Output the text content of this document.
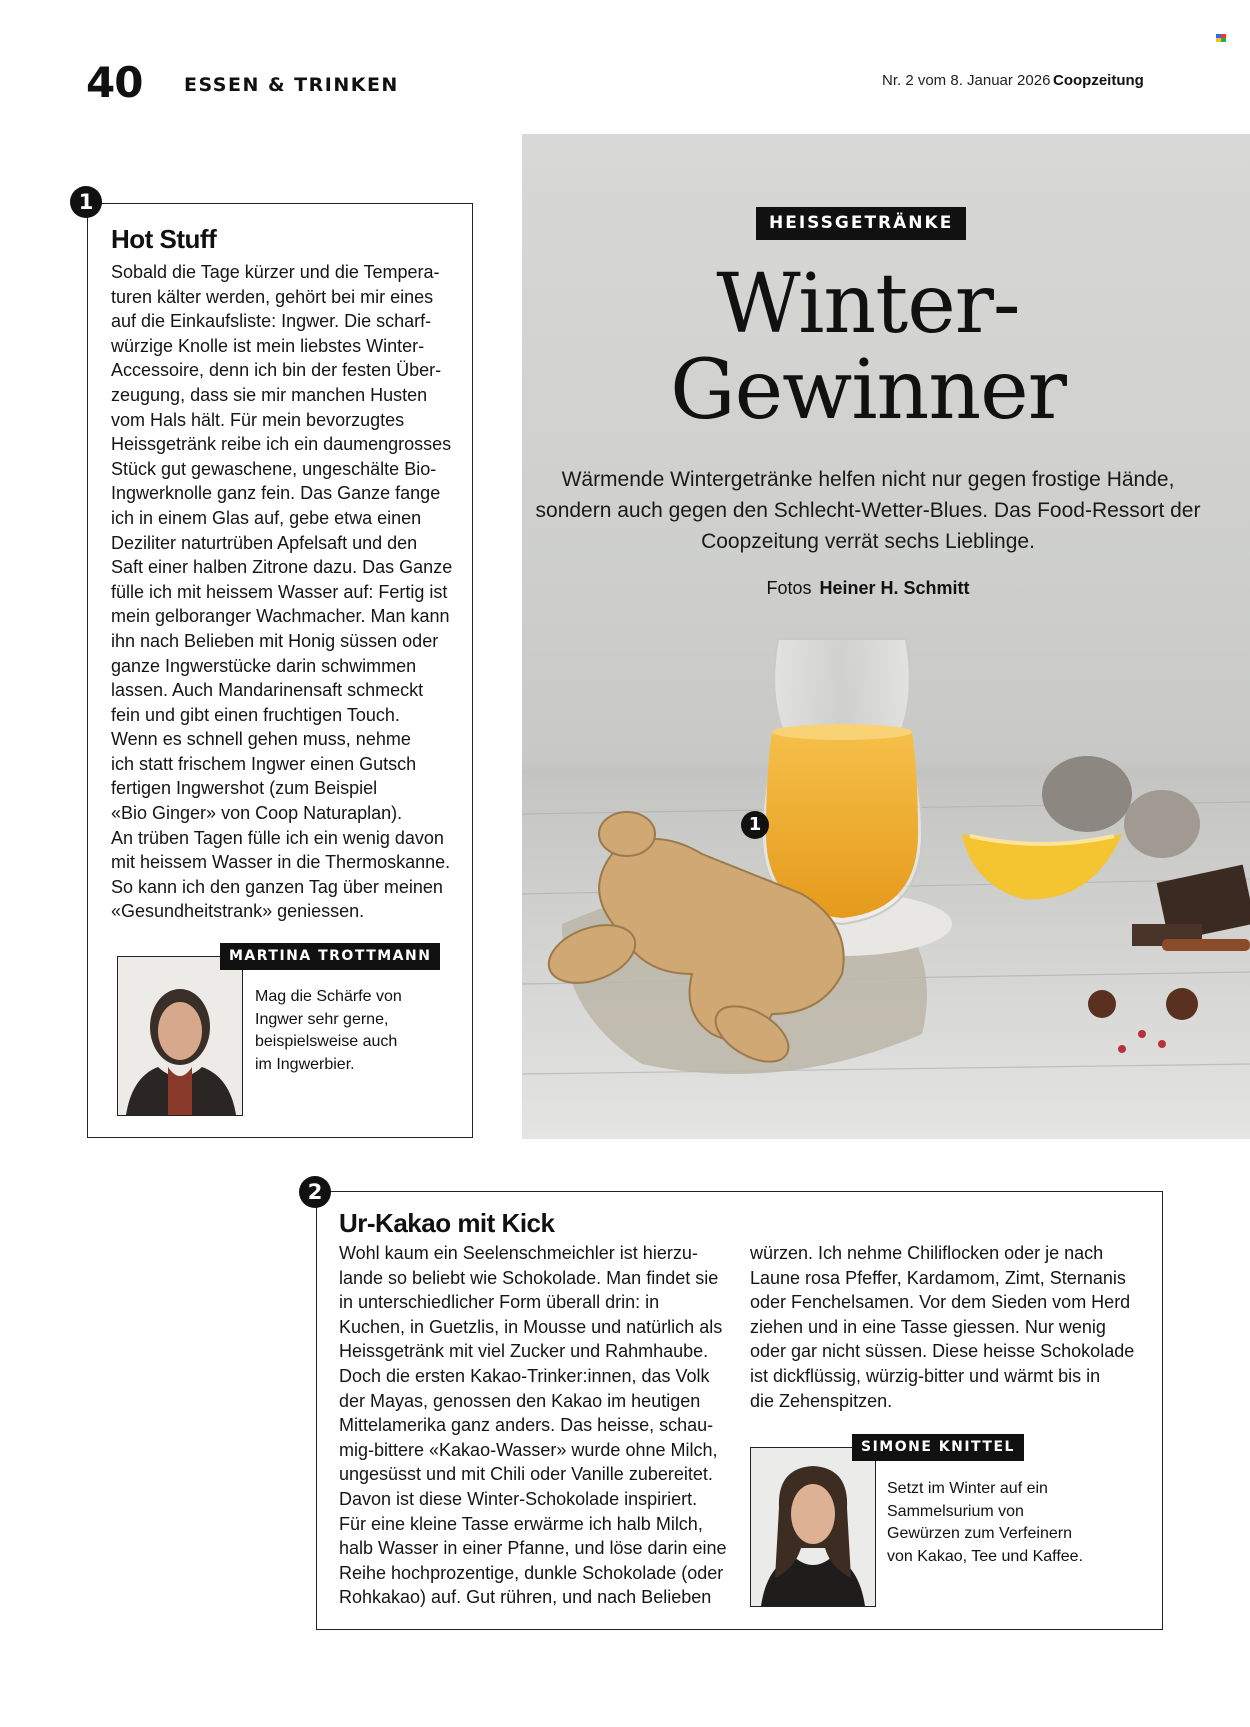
40 ESSEN & TRINKEN	Nr. 2 vom 8. Januar 2026 Coopzeitung
HEISSGETRÄNKE
Winter-
Gewinner
Wärmende Wintergetränke helfen nicht nur gegen frostige Hände, sondern auch gegen den Schlecht-Wetter-Blues. Das Food-Ressort der Coopzeitung verrät sechs Lieblinge.
Fotos Heiner H. Schmitt
1
1
Hot Stuff
Sobald die Tage kürzer und die Tempera-
turen kälter werden, gehört bei mir eines
auf die Einkaufsliste: Ingwer. Die scharf-
würzige Knolle ist mein liebstes Winter-
Accessoire, denn ich bin der festen Über-
zeugung, dass sie mir manchen Husten
vom Hals hält. Für mein bevorzugtes
Heissgetränk reibe ich ein daumengrosses
Stück gut gewaschene, ungeschälte Bio-
Ingwerknolle ganz fein. Das Ganze fange
ich in einem Glas auf, gebe etwa einen
Deziliter naturtrüben Apfelsaft und den
Saft einer halben Zitrone dazu. Das Ganze
fülle ich mit heissem Wasser auf: Fertig ist
mein gelboranger Wachmacher. Man kann
ihn nach Belieben mit Honig süssen oder
ganze Ingwerstücke darin schwimmen
lassen. Auch Mandarinensaft schmeckt
fein und gibt einen fruchtigen Touch.
Wenn es schnell gehen muss, nehme
ich statt frischem Ingwer einen Gutsch
fertigen Ingwershot (zum Beispiel
«Bio Ginger» von Coop Naturaplan).
An trüben Tagen fülle ich ein wenig davon
mit heissem Wasser in die Thermoskanne.
So kann ich den ganzen Tag über meinen
«Gesundheitstrank» geniessen.
MARTINA TROTTMANN
Mag die Schärfe von
Ingwer sehr gerne,
beispielsweise auch
im Ingwerbier.
2
Ur-Kakao mit Kick
Wohl kaum ein Seelenschmeichler ist hierzu-
lande so beliebt wie Schokolade. Man findet sie
in unterschiedlicher Form überall drin: in
Kuchen, in Guetzlis, in Mousse und natürlich als
Heissgetränk mit viel Zucker und Rahmhaube.
Doch die ersten Kakao-Trinker:innen, das Volk
der Mayas, genossen den Kakao im heutigen
Mittelamerika ganz anders. Das heisse, schau-
mig-bittere «Kakao-Wasser» wurde ohne Milch,
ungesüsst und mit Chili oder Vanille zubereitet.
Davon ist diese Winter-Schokolade inspiriert.
Für eine kleine Tasse erwärme ich halb Milch,
halb Wasser in einer Pfanne, und löse darin eine
Reihe hochprozentige, dunkle Schokolade (oder
Rohkakao) auf. Gut rühren, und nach Belieben
würzen. Ich nehme Chiliflocken oder je nach
Laune rosa Pfeffer, Kardamom, Zimt, Sternanis
oder Fenchelsamen. Vor dem Sieden vom Herd
ziehen und in eine Tasse giessen. Nur wenig
oder gar nicht süssen. Diese heisse Schokolade
ist dickflüssig, würzig-bitter und wärmt bis in
die Zehenspitzen.
SIMONE KNITTEL
Setzt im Winter auf ein
Sammelsurium von
Gewürzen zum Verfeinern
von Kakao, Tee und Kaffee.
